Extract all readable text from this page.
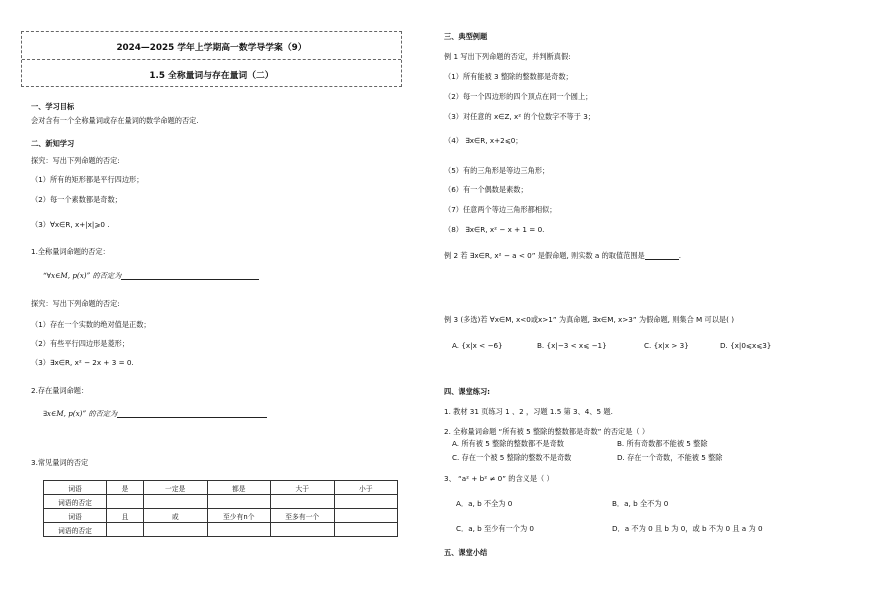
2024—2025 学年上学期高一数学导学案（9）
1.5 全称量词与存在量词（二）
一、学习目标
会对含有一个全称量词或存在量词的数学命题的否定.
二、新知学习
探究：写出下列命题的否定:
（1）所有的矩形都是平行四边形；
（2）每一个素数都是奇数；
（3）∀x∈R, x+|x|⩾0 .
1.全称量词命题的否定：
“∀x∈M, p(x)” 的否定为
探究：写出下列命题的否定:
（1）存在一个实数的绝对值是正数；
（2）有些平行四边形是菱形；
（3）∃x∈R, x² − 2x + 3 = 0.
2.存在量词命题：
∃x∈M, p(x)” 的否定为
3.常见量词的否定
词语	是	一定是	都是	大于	小于
词语的否定					
词语	且	或	至少有n个	至多有一个	
词语的否定					
三、典型例题
例 1 写出下列命题的否定，并判断真假:
（1）所有能被 3 整除的整数都是奇数；
（2）每一个四边形的四个顶点在同一个圆上；
（3）对任意的 x∈Z, x² 的个位数字不等于 3；
（4） ∃x∈R, x+2⩽0；
（5）有的三角形是等边三角形；
（6）有一个偶数是素数；
（7）任意两个等边三角形都相似；
（8） ∃x∈R, x² − x + 1 = 0.
例 2 若 ∃x∈R, x² − a < 0” 是假命题, 则实数 a 的取值范围是	.
例 3 (多选)若 ∀x∈M, x<0或x>1” 为真命题, ∃x∈M, x>3” 为假命题, 则集合 M 可以是( )
A. {x|x < −6}	B. {x|−3 < x⩽ −1}	C. {x|x > 3}	D. {x|0⩽x⩽3}
四、课堂练习:
1. 教材 31 页练习 1 、2 ，习题 1.5 第 3、4、5 题.
2. 全称量词命题 “所有被 5 整除的整数都是奇数” 的否定是（ ）
A. 所有被 5 整除的整数都不是奇数	B. 所有奇数都不能被 5 整除
C. 存在一个被 5 整除的整数不是奇数	D. 存在一个奇数，不能被 5 整除
3、 “a² + b² ≠ 0” 的含义是（ ）
A．a, b 不全为 0	B．a, b 全不为 0
C．a, b 至少有一个为 0	D．a 不为 0 且 b 为 0，或 b 不为 0 且 a 为 0
五、课堂小结
